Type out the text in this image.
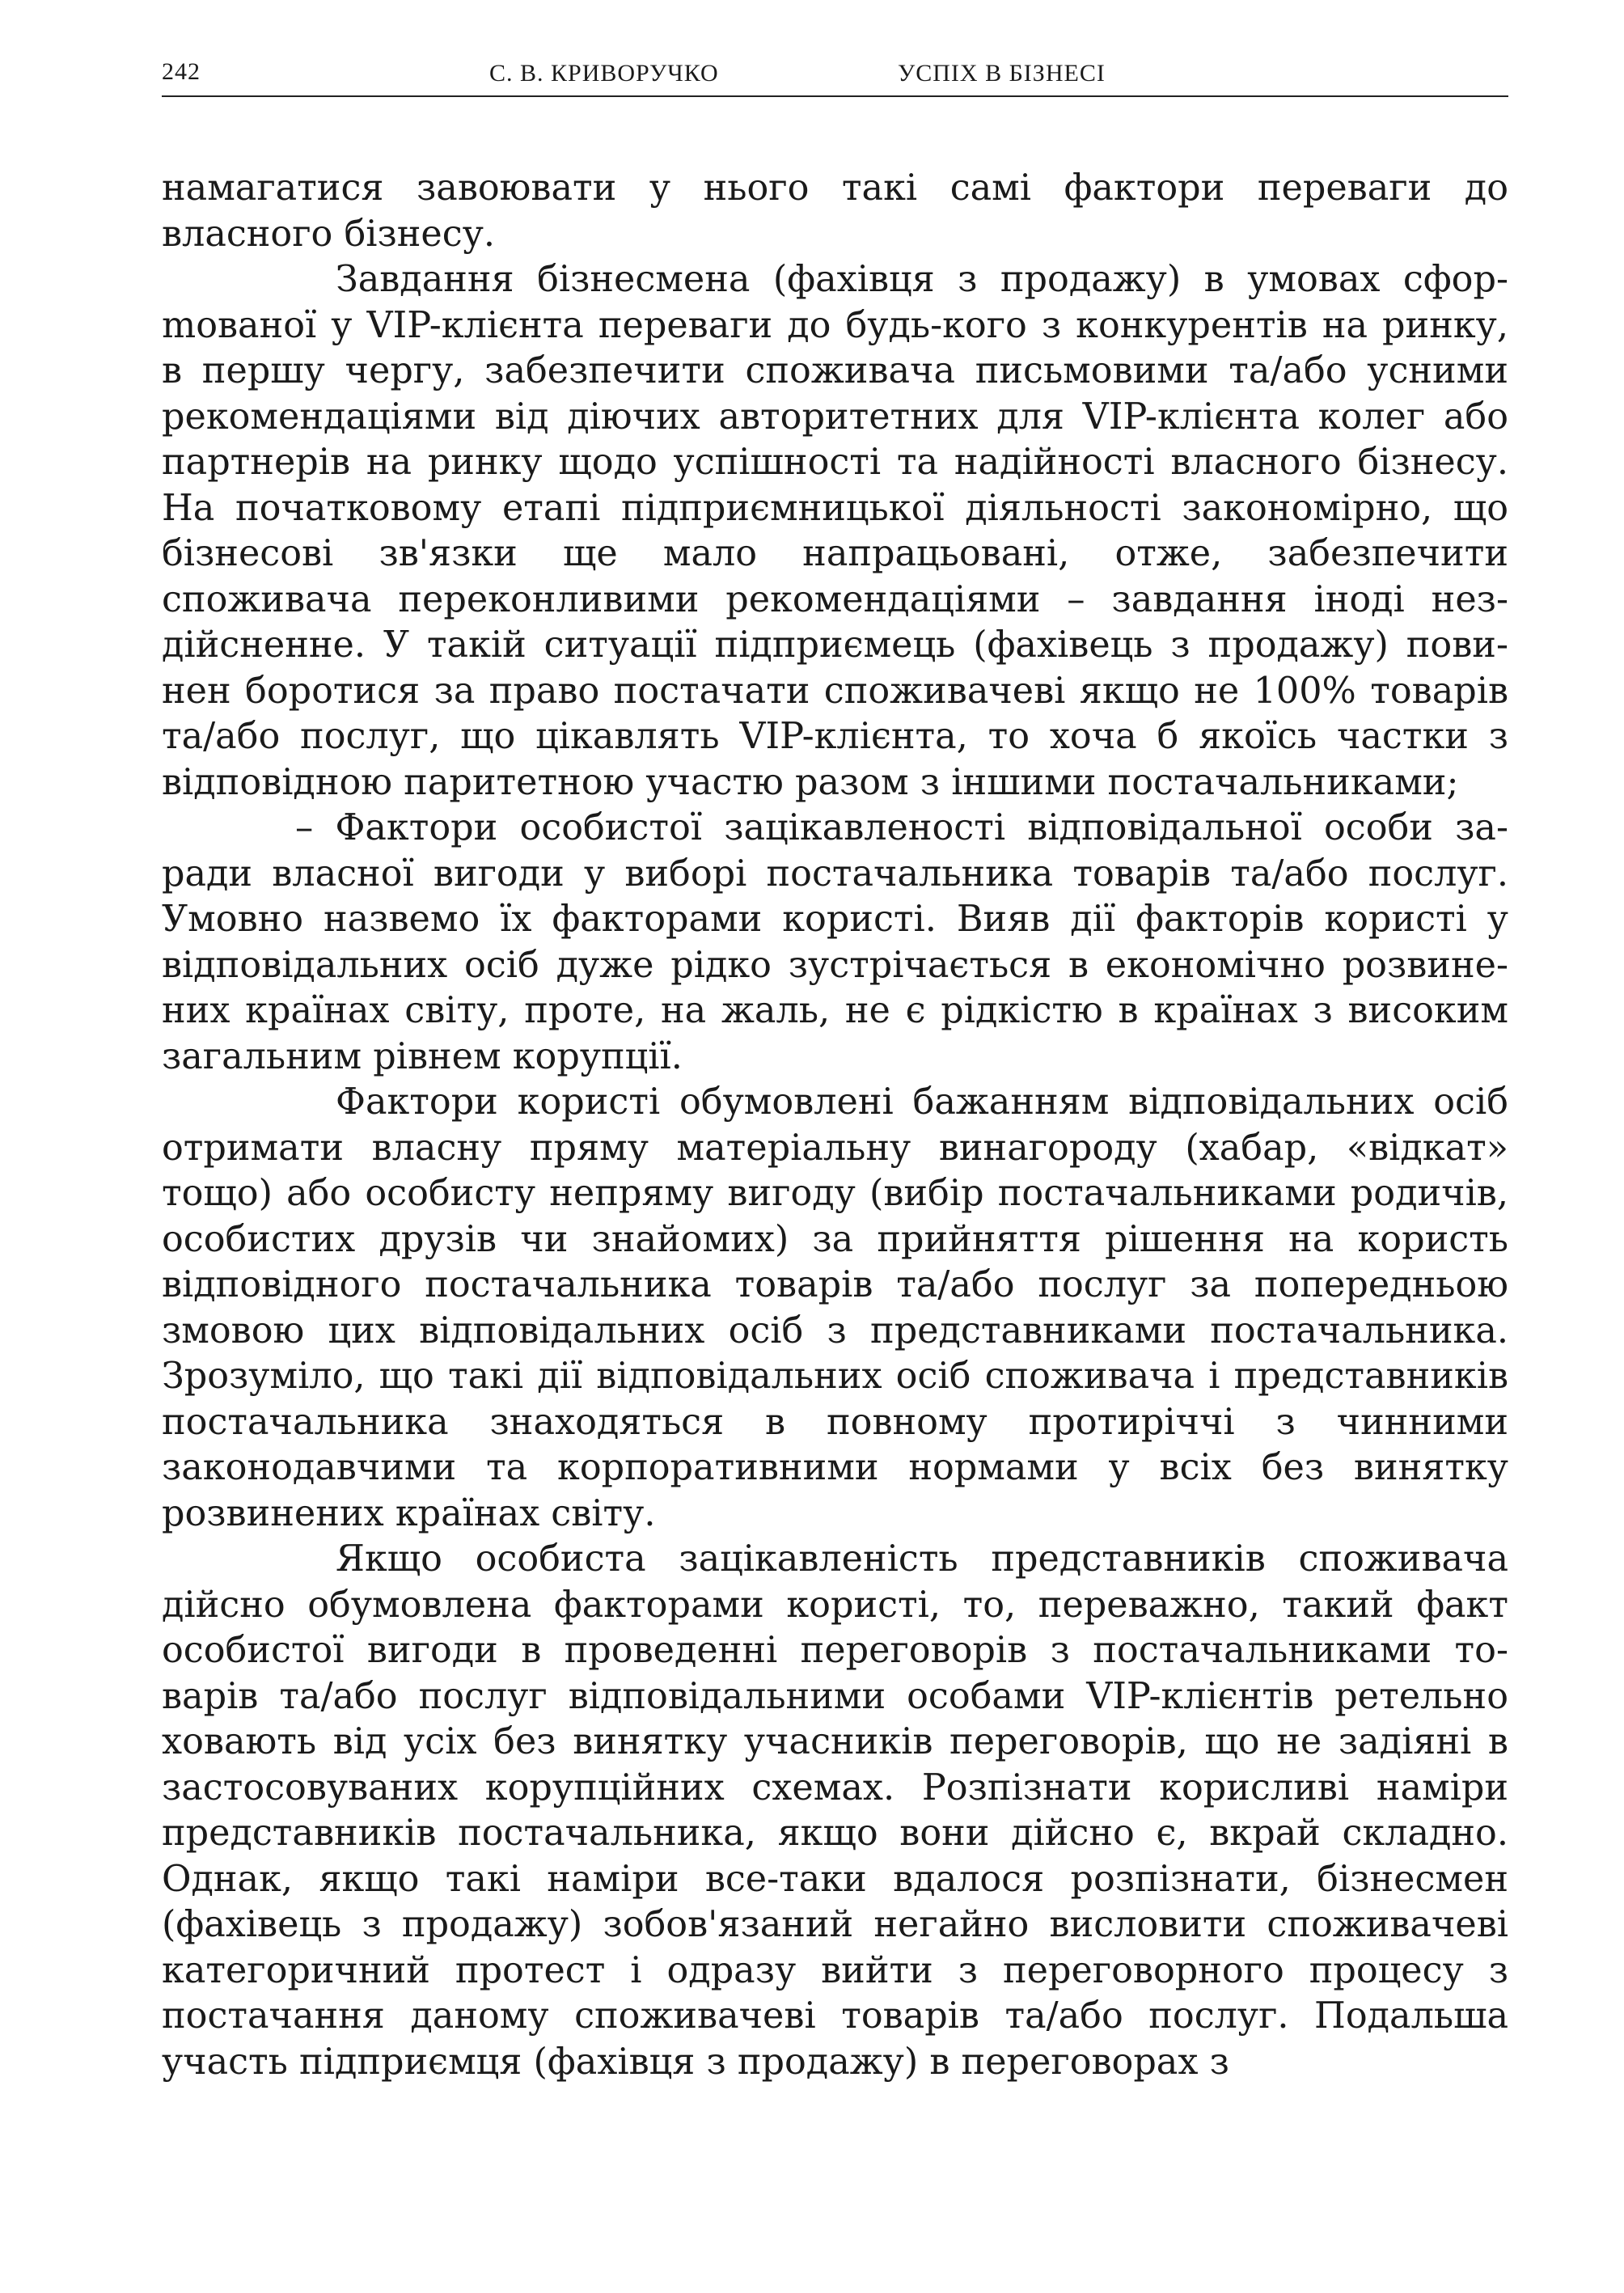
242	С. В. КРИВОРУЧКО	УСПІХ В БІЗНЕСІ

намагатися завоювати у нього такі самі фактори переваги до власного бізнесу.

Завдання бізнесмена (фахівця з продажу) в умовах сфорmованої у VIP-клієнта переваги до будь-кого з конкурентів на ринку, в першу чергу, забезпечити споживача письмовими та/або усними рекомендаціями від діючих авторитетних для VIP-клієнта колег або партнерів на ринку щодо успішності та надійності власного бізнесу. На початковому етапі підприємницької діяльності закономірно, що бізнесові зв'язки ще мало напрацьовані, отже, забезпечити споживача переконливими рекомендаціями – завдання іноді нездійсненне. У такій ситуації підприємець (фахівець з продажу) повинен боротися за право постачати споживачеві якщо не 100% товарів та/або послуг, що цікавлять VIP-клієнта, то хоча б якоїсь частки з відповідною паритетною участю разом з іншими постачальниками;

– Фактори особистої зацікавленості відповідальної особи заради власної вигоди у виборі постачальника товарів та/або послуг. Умовно назвемо їх факторами користі. Вияв дії факторів користі у відповідальних осіб дуже рідко зустрічається в економічно розвинених країнах світу, проте, на жаль, не є рідкістю в країнах з високим загальним рівнем корупції.

Фактори користі обумовлені бажанням відповідальних осіб отримати власну пряму матеріальну винагороду (хабар, «відкат» тощо) або особисту непряму вигоду (вибір постачальниками родичів, особистих друзів чи знайомих) за прийняття рішення на користь відповідного постачальника товарів та/або послуг за попередньою змовою цих відповідальних осіб з представниками постачальника. Зрозуміло, що такі дії відповідальних осіб споживача і представників постачальника знаходяться в повному протиріччі з чинними законодавчими та корпоративними нормами у всіх без винятку розвинених країнах світу.

Якщо особиста зацікавленість представників споживача дійсно обумовлена факторами користі, то, переважно, такий факт особистої вигоди в проведенні переговорів з постачальниками товарів та/або послуг відповідальними особами VIP-клієнтів ретельно ховають від усіх без винятку учасників переговорів, що не задіяні в застосовуваних корупційних схемах. Розпізнати корисливі наміри представників постачальника, якщо вони дійсно є, вкрай складно. Однак, якщо такі наміри все-таки вдалося розпізнати, бізнесмен (фахівець з продажу) зобов'язаний негайно висловити споживачеві категоричний протест і одразу вийти з переговорного процесу з постачання даному споживачеві товарів та/або послуг. Подальша участь підприємця (фахівця з продажу) в переговорах з
